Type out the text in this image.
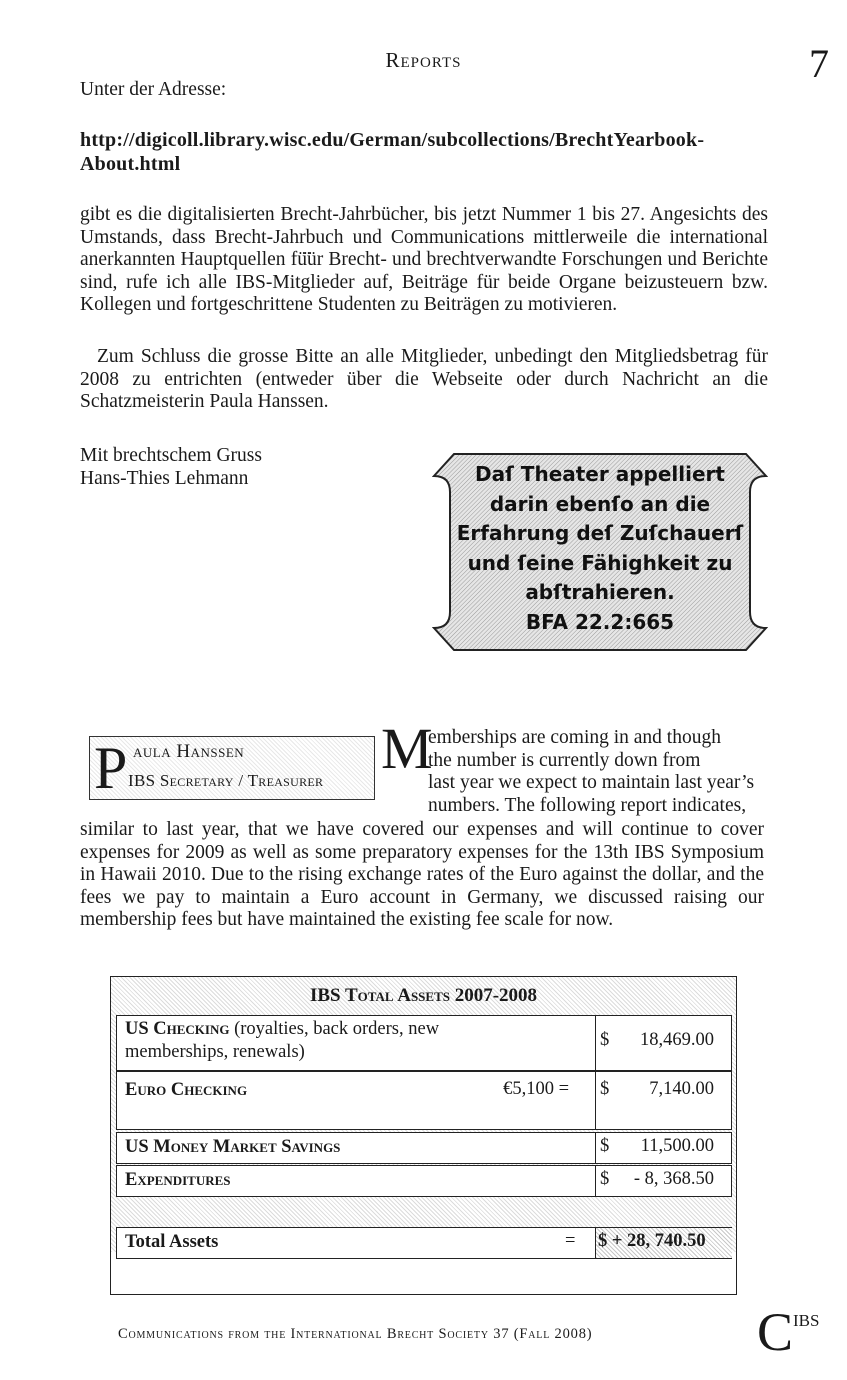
Reports	7
Unter der Adresse:
http://digicoll.library.wisc.edu/German/subcollections/BrechtYearbook-
About.html
gibt es die digitalisierten Brecht-Jahrbücher, bis jetzt Nummer 1 bis 27. Angesichts des Umstands, dass Brecht-Jahrbuch und Communications mittlerweile die international anerkannten Hauptquellen fü̈ür Brecht- und brechtverwandte Forschungen und Berichte sind, rufe ich alle IBS-Mitglieder auf, Beiträge für beide Organe beizusteuern bzw. Kollegen und fortgeschrittene Studenten zu Beiträgen zu motivieren.
Zum Schluss die grosse Bitte an alle Mitglieder, unbedingt den Mitgliedsbetrag für 2008 zu entrichten (entweder über die Webseite oder durch Nachricht an die Schatzmeisterin Paula Hanssen.
Mit brechtschem Gruss
Hans-Thies Lehmann	Daſ Theater appelliert
darin ebenſo an die
Erfahrung deſ Zuſchauerſ
und ſeine Fähighkeit zu
abſtrahieren.
BFA 22.2:665
P aula Hanssen
IBS Secretary / Treasurer M
emberships are coming in and though
the number is currently down from
last year we expect to maintain last year’s
numbers. The following report indicates,
similar to last year, that we have covered our expenses and will continue to cover expenses for 2009 as well as some preparatory expenses for the 13th IBS Symposium in Hawaii 2010. Due to the rising exchange rates of the Euro against the dollar, and the fees we pay to maintain a Euro account in Germany, we discussed raising our membership fees but have maintained the existing fee scale for now.
IBS Total Assets 2007-2008
US Checking (royalties, back orders, new
memberships, renewals)
$ 18,469.00
Euro Checking	€5,100 = $ 7,140.00
US Money Market Savings	$ 11,500.00
Expenditures	$ - 8, 368.50
Total Assets	= $ + 28, 740.50
Communications from the International Brecht Society 37 (Fall 2008)	C IBS
